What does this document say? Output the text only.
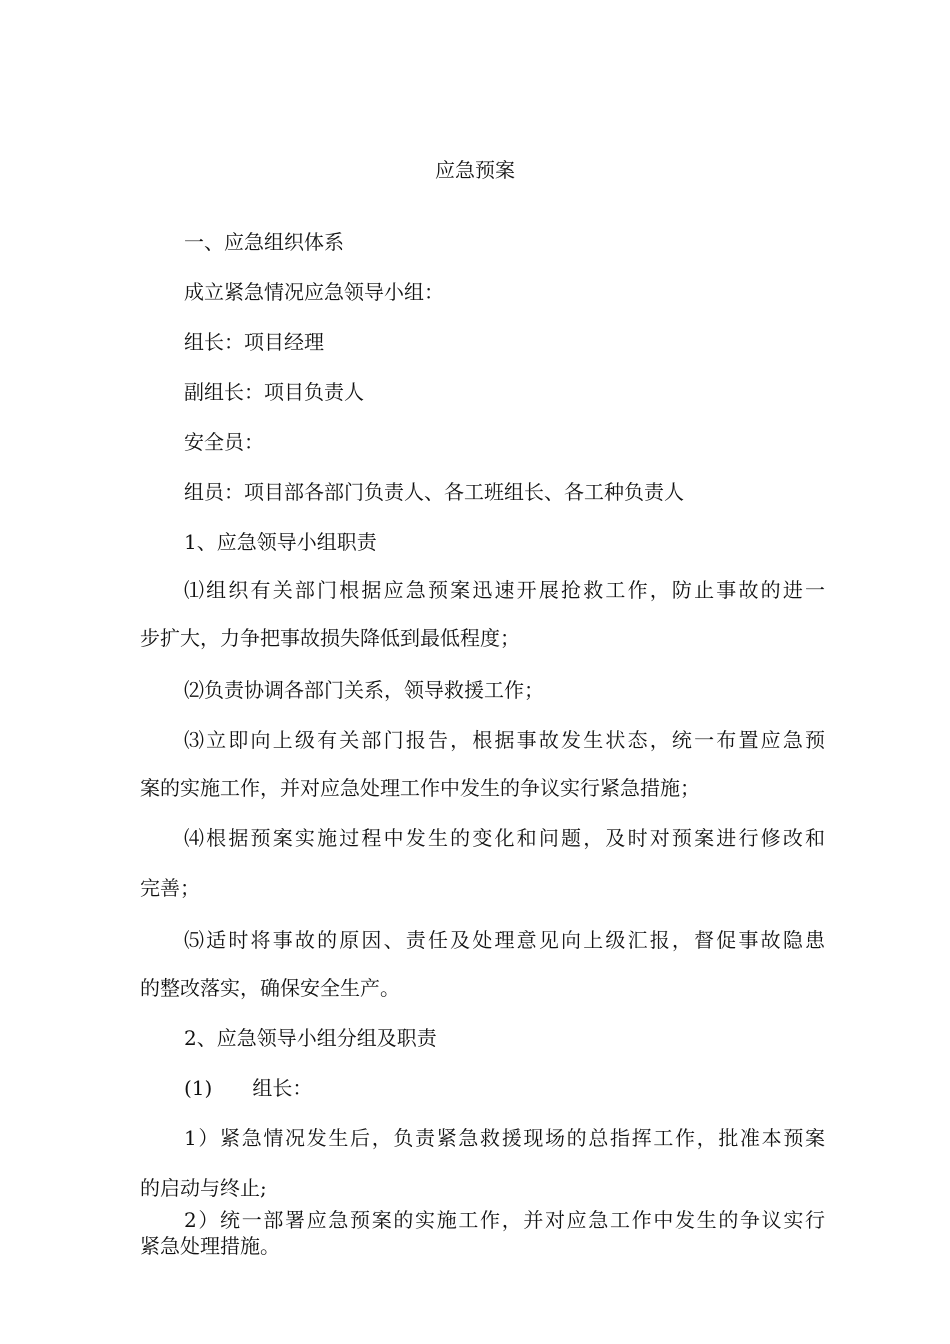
应急预案
一、应急组织体系
成立紧急情况应急领导小组：
组长：项目经理
副组长：项目负责人
安全员：
组员：项目部各部门负责人、各工班组长、各工种负责人
1、应急领导小组职责
⑴组织有关部门根据应急预案迅速开展抢救工作，防止事故的进一
步扩大，力争把事故损失降低到最低程度；
⑵负责协调各部门关系，领导救援工作；
⑶立即向上级有关部门报告，根据事故发生状态，统一布置应急预
案的实施工作，并对应急处理工作中发生的争议实行紧急措施；
⑷根据预案实施过程中发生的变化和问题，及时对预案进行修改和
完善；
⑸适时将事故的原因、责任及处理意见向上级汇报，督促事故隐患
的整改落实，确保安全生产。
2、应急领导小组分组及职责
(1) 组长：
1）紧急情况发生后，负责紧急救援现场的总指挥工作，批准本预案
的启动与终止;
2）统一部署应急预案的实施工作，并对应急工作中发生的争议实行
紧急处理措施。
